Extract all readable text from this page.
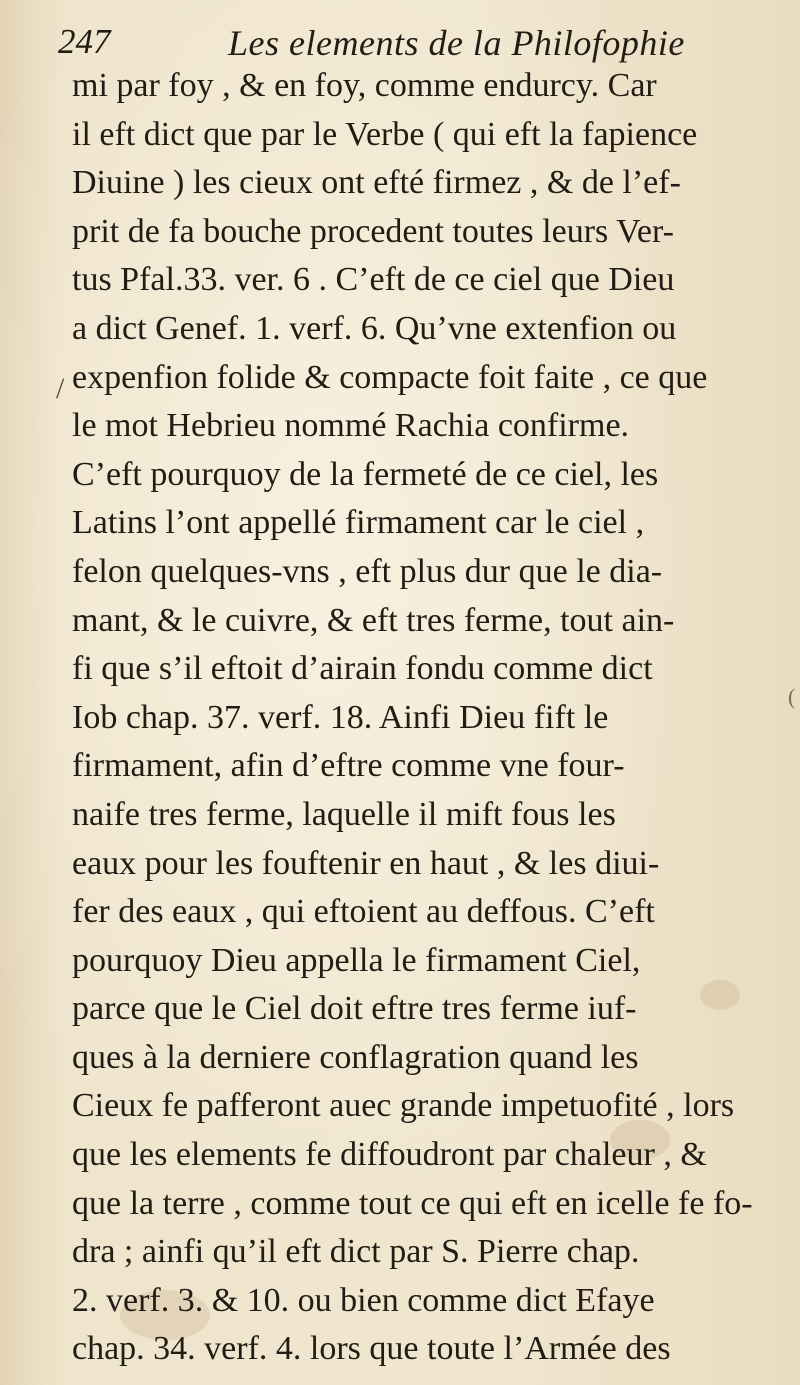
247	Les elements de la Philofophie
/
(
mi par foy , & en foy, comme endurcy. Car
il eft dict que par le Verbe ( qui eft la fapience
Diuine ) les cieux ont efté firmez , & de l’ef-
prit de fa bouche procedent toutes leurs Ver-
tus Pfal.33. ver. 6 . C’eft de ce ciel que Dieu
a dict Genef. 1. verf. 6. Qu’vne extenfion ou
expenfion folide & compacte foit faite , ce que
le mot Hebrieu nommé Rachia confirme.
C’eft pourquoy de la fermeté de ce ciel, les
Latins l’ont appellé firmament car le ciel ,
felon quelques-vns , eft plus dur que le dia-
mant, & le cuivre, & eft tres ferme, tout ain-
fi que s’il eftoit d’airain fondu comme dict
Iob chap. 37. verf. 18. Ainfi Dieu fift le
firmament, afin d’eftre comme vne four-
naife tres ferme, laquelle il mift fous les
eaux pour les fouftenir en haut , & les diui-
fer des eaux , qui eftoient au deffous. C’eft
pourquoy Dieu appella le firmament Ciel,
parce que le Ciel doit eftre tres ferme iuf-
ques à la derniere conflagration quand les
Cieux fe pafferont auec grande impetuofité , lors
que les elements fe diffoudront par chaleur , &
que la terre , comme tout ce qui eft en icelle fe fo-
dra ; ainfi qu’il eft dict par S. Pierre chap.
2. verf. 3. & 10. ou bien comme dict Efaye
chap. 34. verf. 4. lors que toute l’Armée des
